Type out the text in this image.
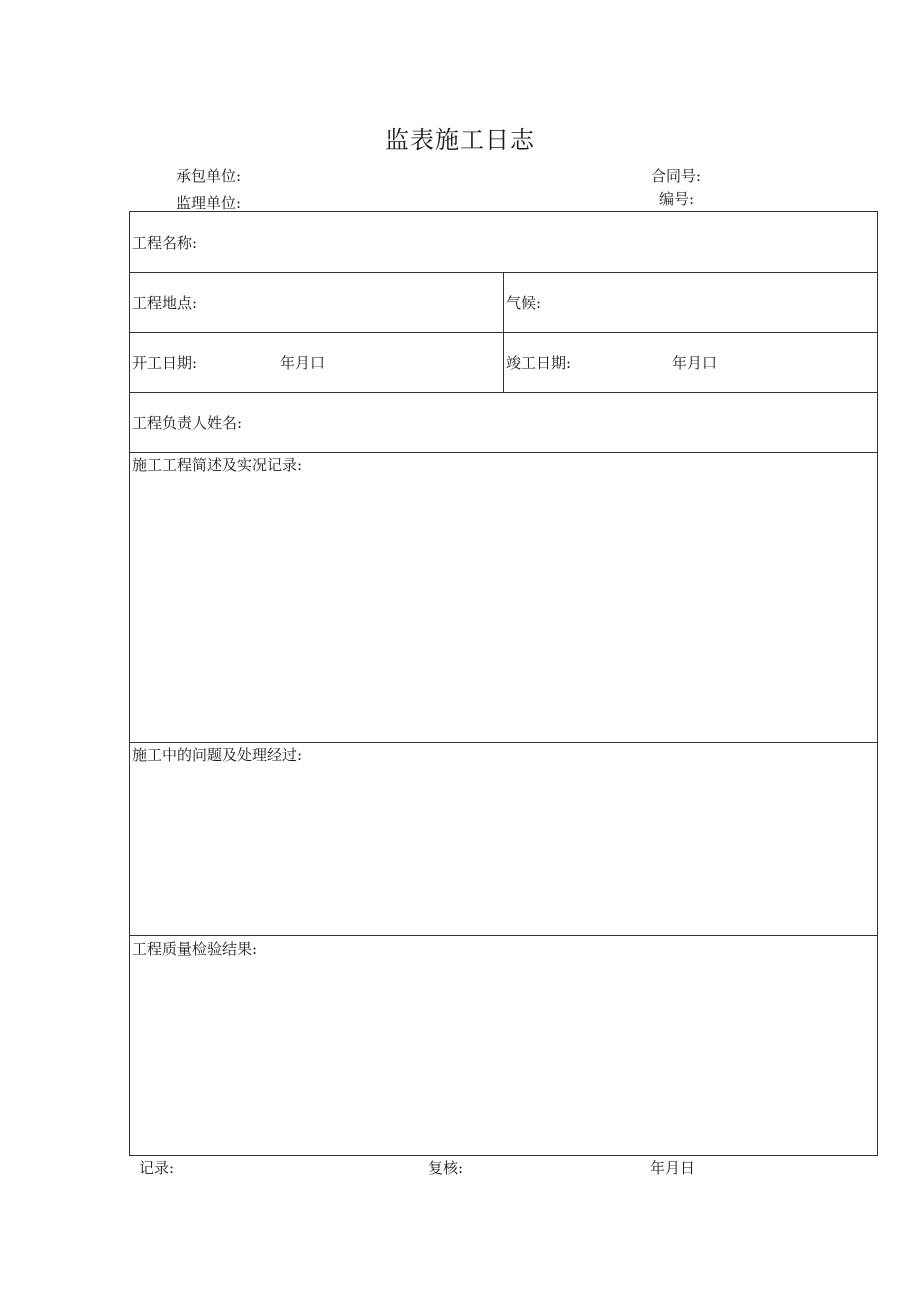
监表施工日志
承包单位:
监理单位:
合同号:
编号:
工程名称:
工程地点:	气候:
开工日期:	年月口	竣工日期:	年月口
工程负责人姓名:
施工工程简述及实况记录:
施工中的问题及处理经过:
工程质量检验结果:
记录:	复核:	年月日
